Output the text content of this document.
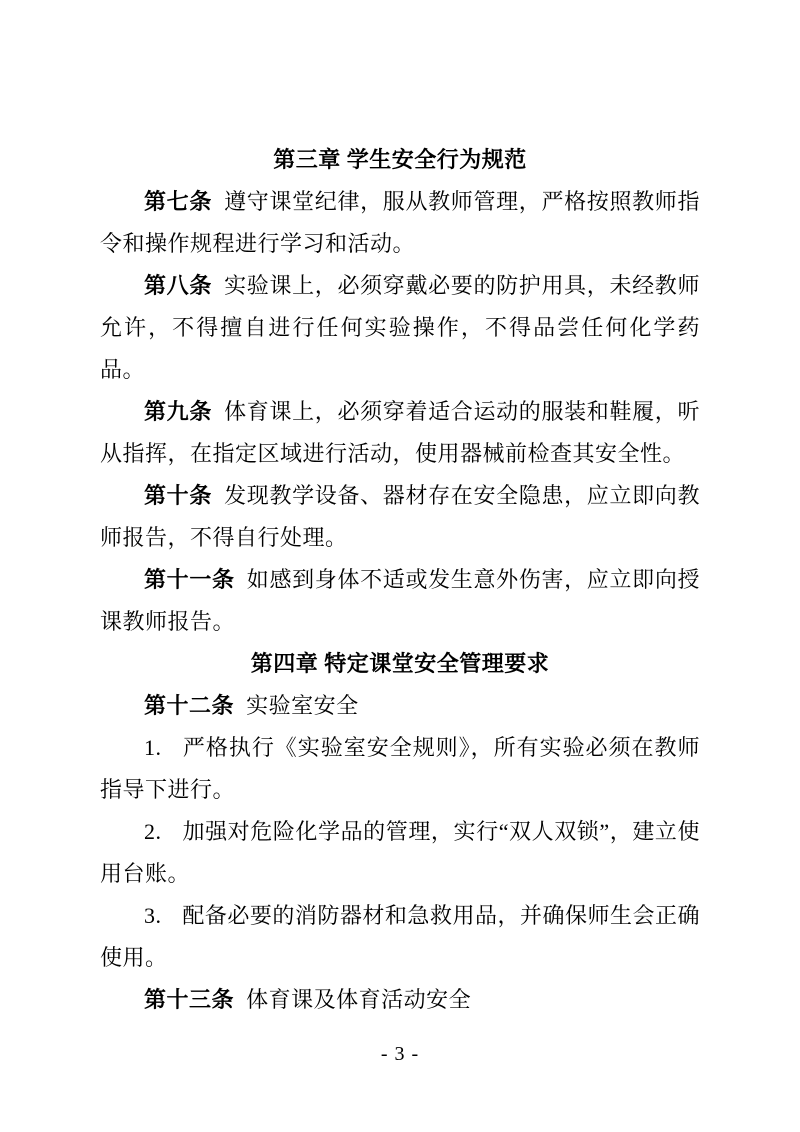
第三章 学生安全行为规范

第七条 遵守课堂纪律，服从教师管理，严格按照教师指令和操作规程进行学习和活动。

第八条 实验课上，必须穿戴必要的防护用具，未经教师允许，不得擅自进行任何实验操作，不得品尝任何化学药品。

第九条 体育课上，必须穿着适合运动的服装和鞋履，听从指挥，在指定区域进行活动，使用器械前检查其安全性。

第十条 发现教学设备、器材存在安全隐患，应立即向教师报告，不得自行处理。

第十一条 如感到身体不适或发生意外伤害，应立即向授课教师报告。

第四章 特定课堂安全管理要求

第十二条 实验室安全

1. 严格执行《实验室安全规则》，所有实验必须在教师指导下进行。

2. 加强对危险化学品的管理，实行“双人双锁”，建立使用台账。

3. 配备必要的消防器材和急救用品，并确保师生会正确使用。

第十三条 体育课及体育活动安全

- 3 -
